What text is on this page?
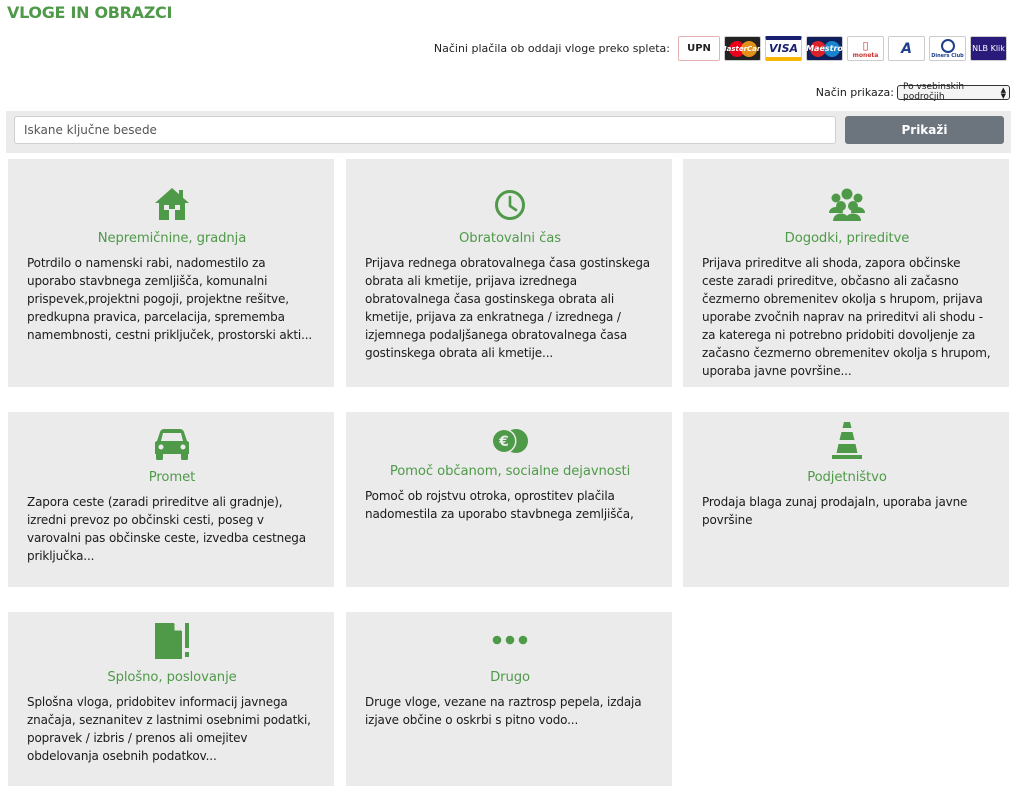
VLOGE IN OBRAZCI
Načini plačila ob oddaji vloge preko spleta:	UPN	MasterCard VISA	Maestro ▯
moneta	A	Diners Club
NLB Klik
Način prikaza: Po vsebinskih področjih
▲
▼
Iskane ključne besede
Prikaži
Nepremičnine, gradnja

Potrdilo o namenski rabi, nadomestilo za uporabo stavbnega zemljišča, komunalni prispevek,projektni pogoji, projektne rešitve, predkupna pravica, parcelacija, sprememba namembnosti, cestni priključek, prostorski akti...

Obratovalni čas

Prijava rednega obratovalnega časa gostinskega obrata ali kmetije, prijava izrednega obratovalnega časa gostinskega obrata ali kmetije, prijava za enkratnega / izrednega / izjemnega podaljšanega obratovalnega časa gostinskega obrata ali kmetije...

Dogodki, prireditve

Prijava prireditve ali shoda, zapora občinske ceste zaradi prireditve, občasno ali začasno čezmerno obremenitev okolja s hrupom, prijava uporabe zvočnih naprav na prireditvi ali shodu - za katerega ni potrebno pridobiti dovoljenje za začasno čezmerno obremenitev okolja s hrupom, uporaba javne površine...

Promet

Zapora ceste (zaradi prireditve ali gradnje), izredni prevoz po občinski cesti, poseg v varovalni pas občinske ceste, izvedba cestnega priključka...

€
Pomoč občanom, socialne dejavnosti

Pomoč ob rojstvu otroka, oprostitev plačila nadomestila za uporabo stavbnega zemljišča,

Podjetništvo

Prodaja blaga zunaj prodajaln, uporaba javne površine

Splošno, poslovanje

Splošna vloga, pridobitev informacij javnega značaja, seznanitev z lastnimi osebnimi podatki, popravek / izbris / prenos ali omejitev obdelovanja osebnih podatkov...

Drugo

Druge vloge, vezane na raztrosp pepela, izdaja izjave občine o oskrbi s pitno vodo...
